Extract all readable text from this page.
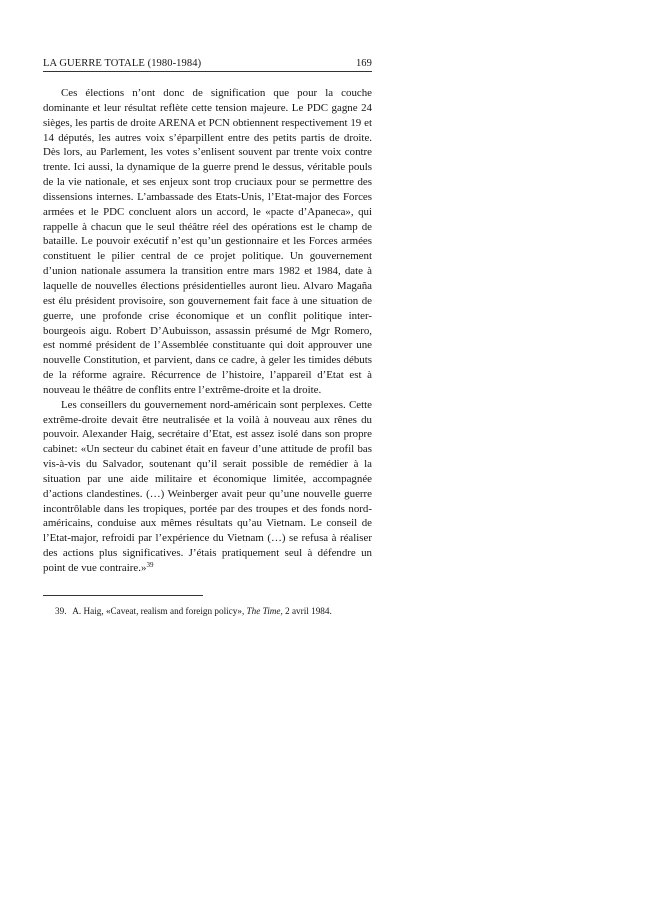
LA GUERRE TOTALE (1980-1984)	169

Ces élections n’ont donc de signification que pour la couche dominante et leur résultat reflète cette tension majeure. Le PDC gagne 24 sièges, les partis de droite ARENA et PCN obtiennent respectivement 19 et 14 députés, les autres voix s’éparpillent entre des petits partis de droite. Dès lors, au Parlement, les votes s’enlisent souvent par trente voix contre trente. Ici aussi, la dynamique de la guerre prend le dessus, véritable pouls de la vie nationale, et ses enjeux sont trop cruciaux pour se permettre des dissensions internes. L’ambassade des Etats-Unis, l’Etat-major des Forces armées et le PDC concluent alors un accord, le «pacte d’Apaneca», qui rappelle à chacun que le seul théâtre réel des opérations est le champ de bataille. Le pouvoir exécutif n’est qu’un gestionnaire et les Forces armées constituent le pilier central de ce projet politique. Un gouvernement d’union nationale assumera la transition entre mars 1982 et 1984, date à laquelle de nouvelles élections présidentielles auront lieu. Alvaro Magaña est élu président provisoire, son gouvernement fait face à une situation de guerre, une profonde crise économique et un conflit politique inter-bourgeois aigu. Robert D’Aubuisson, assassin présumé de Mgr Romero, est nommé président de l’Assemblée constituante qui doit approuver une nouvelle Constitution, et parvient, dans ce cadre, à geler les timides débuts de la réforme agraire. Récurrence de l’histoire, l’appareil d’Etat est à nouveau le théâtre de conflits entre l’extrême-droite et la droite.

Les conseillers du gouvernement nord-américain sont perplexes. Cette extrême-droite devait être neutralisée et la voilà à nouveau aux rênes du pouvoir. Alexander Haig, secrétaire d’Etat, est assez isolé dans son propre cabinet: «Un secteur du cabinet était en faveur d’une attitude de profil bas vis-à-vis du Salvador, soutenant qu’il serait possible de remédier à la situation par une aide militaire et économique limitée, accompagnée d’actions clandestines. (…) Weinberger avait peur qu’une nouvelle guerre incontrôlable dans les tropiques, portée par des troupes et des fonds nord-américains, conduise aux mêmes résultats qu’au Vietnam. Le conseil de l’Etat-major, refroidi par l’expérience du Vietnam (…) se refusa à réaliser des actions plus significatives. J’étais pratiquement seul à défendre un point de vue contraire.»$^{39}$

39. A. Haig, «Caveat, realism and foreign policy», The Time, 2 avril 1984.
